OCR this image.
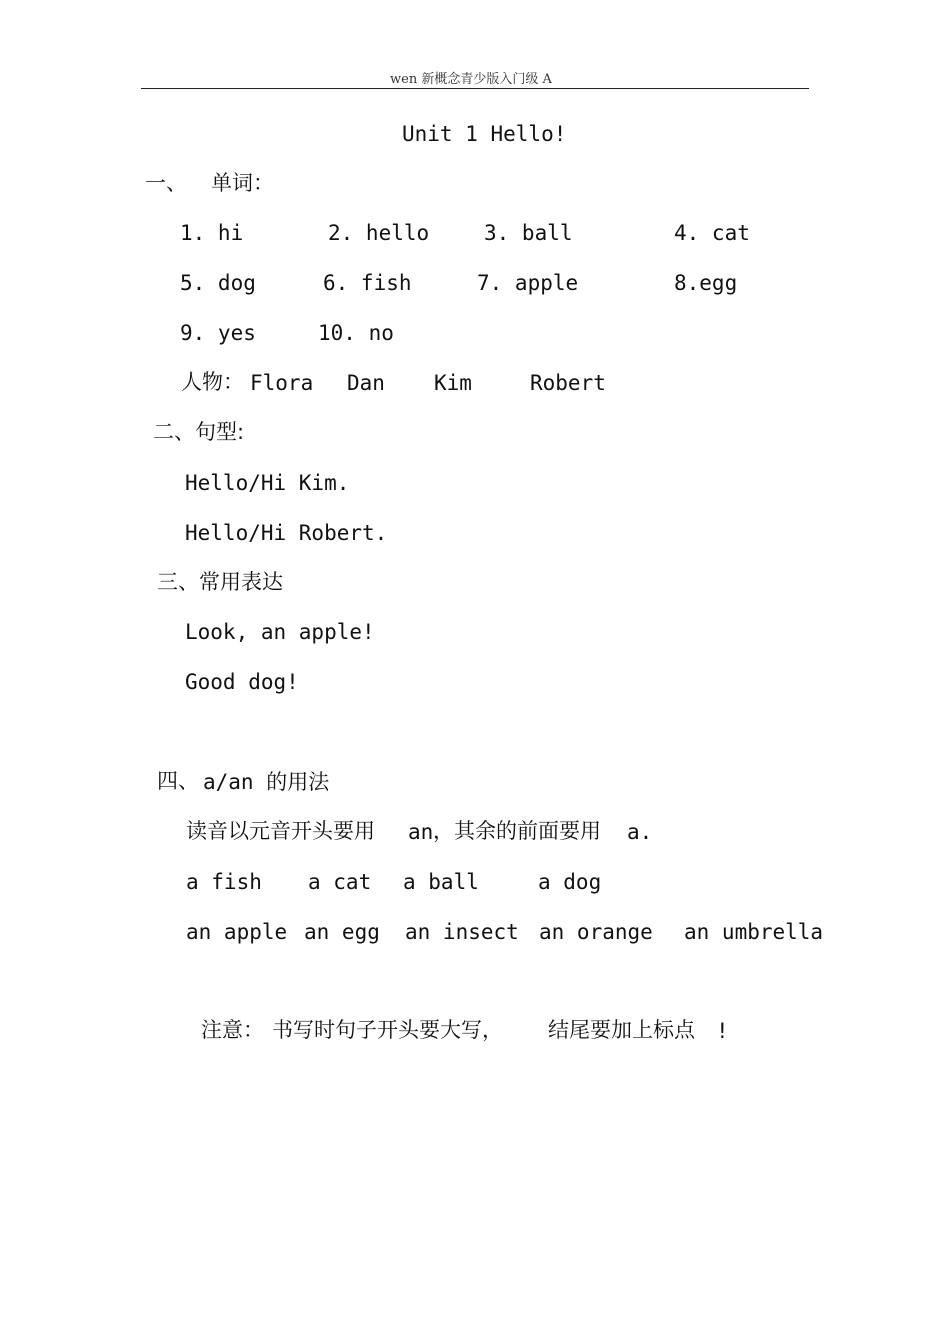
wen 新概念青少版入门级 A
Unit 1 Hello!
一、 单词：
1. hi	2. hello	3. ball	4. cat
5. dog	6. fish	7. apple	8.egg
9. yes	10. no
人物： Flora Dan Kim	Robert
二、句型:
Hello/Hi Kim.
Hello/Hi Robert.
三、常用表达
Look, an apple!
Good dog!
四、 a/an 的用法
读音以元音开头要用 an ，其余的前面要用 a.
a fish a cat a ball	a dog
an apple an egg an insect an orange an umbrella
注意： 书写时句子开头要大写， 结尾要加上标点 !
